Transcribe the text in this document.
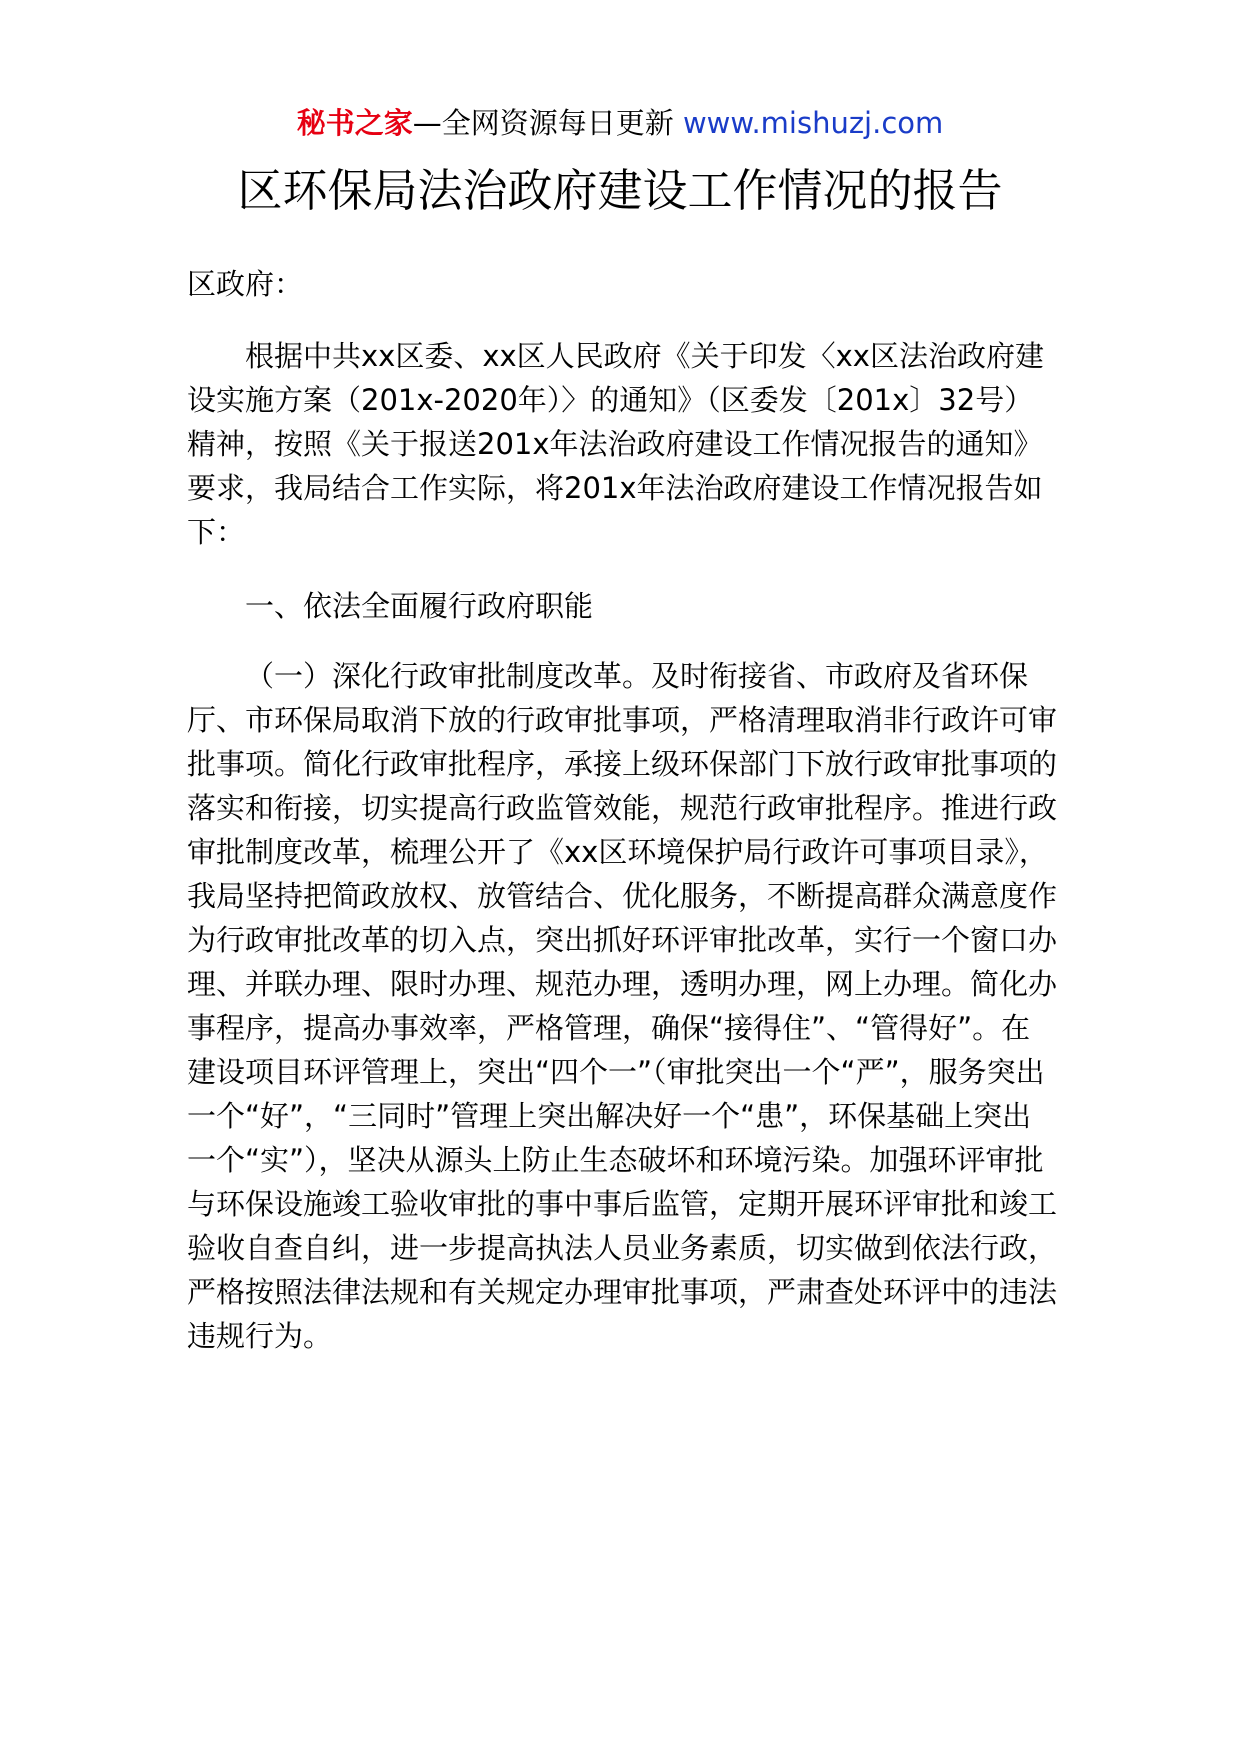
秘书之家—全网资源每日更新 www.mishuzj.com
区环保局法治政府建设工作情况的报告

区政府：

根据中共xx区委、xx区人民政府《关于印发〈xx区法治政府建设实施方案（201x-2020年）〉的通知》（区委发〔201x〕32号）精神，按照《关于报送201x年法治政府建设工作情况报告的通知》要求，我局结合工作实际，将201x年法治政府建设工作情况报告如下：

一、依法全面履行政府职能

（一）深化行政审批制度改革。及时衔接省、市政府及省环保厅、市环保局取消下放的行政审批事项，严格清理取消非行政许可审批事项。简化行政审批程序，承接上级环保部门下放行政审批事项的落实和衔接，切实提高行政监管效能，规范行政审批程序。推进行政审批制度改革，梳理公开了《xx区环境保护局行政许可事项目录》，我局坚持把简政放权、放管结合、优化服务，不断提高群众满意度作为行政审批改革的切入点，突出抓好环评审批改革，实行一个窗口办理、并联办理、限时办理、规范办理，透明办理，网上办理。简化办事程序，提高办事效率，严格管理，确保“接得住”、“管得好”。在建设项目环评管理上，突出“四个一”（审批突出一个“严”，服务突出一个“好”，“三同时”管理上突出解决好一个“患”，环保基础上突出一个“实”），坚决从源头上防止生态破坏和环境污染。加强环评审批与环保设施竣工验收审批的事中事后监管，定期开展环评审批和竣工验收自查自纠，进一步提高执法人员业务素质，切实做到依法行政，严格按照法律法规和有关规定办理审批事项，严肃查处环评中的违法违规行为。
